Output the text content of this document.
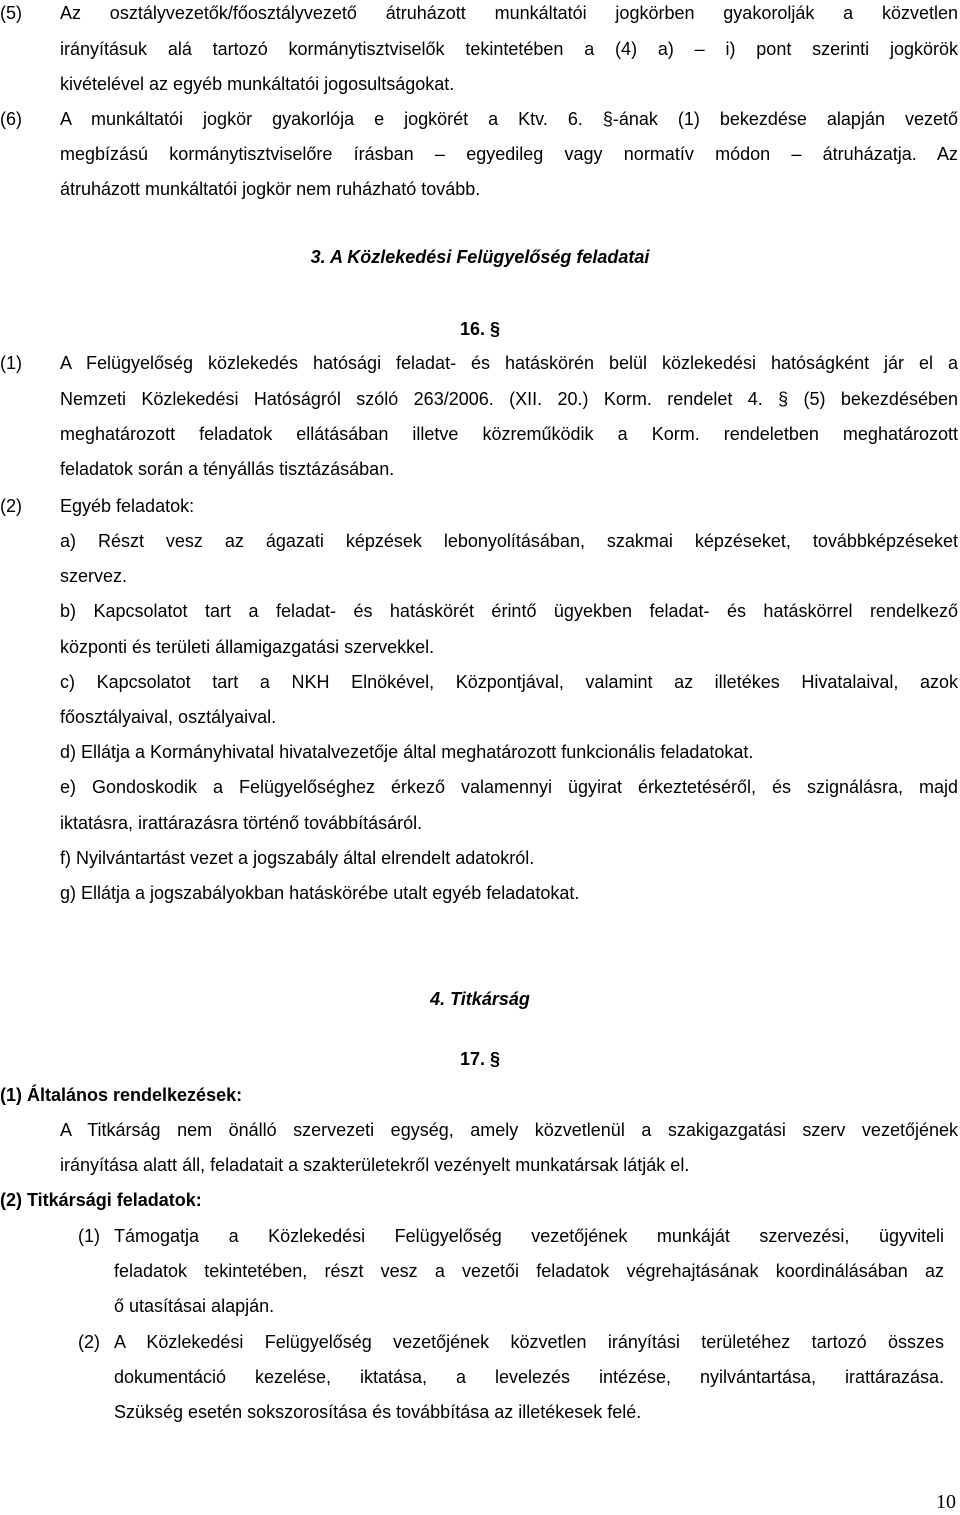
(5) Az osztályvezetők/főosztályvezető átruházott munkáltatói jogkörben gyakorolják a közvetlen
irányításuk alá tartozó kormánytisztviselők tekintetében a (4) a) – i) pont szerinti jogkörök
kivételével az egyéb munkáltatói jogosultságokat.
(6) A munkáltatói jogkör gyakorlója e jogkörét a Ktv. 6. §-ának (1) bekezdése alapján vezető
megbízású kormánytisztviselőre írásban – egyedileg vagy normatív módon – átruházatja. Az
átruházott munkáltatói jogkör nem ruházható tovább.
3. A Közlekedési Felügyelőség feladatai
16. §
(1) A Felügyelőség közlekedés hatósági feladat- és hatáskörén belül közlekedési hatóságként jár el a
Nemzeti Közlekedési Hatóságról szóló 263/2006. (XII. 20.) Korm. rendelet 4. § (5) bekezdésében
meghatározott feladatok ellátásában illetve közreműködik a Korm. rendeletben meghatározott
feladatok során a tényállás tisztázásában.
(2) Egyéb feladatok:
a) Részt vesz az ágazati képzések lebonyolításában, szakmai képzéseket, továbbképzéseket
szervez.
b) Kapcsolatot tart a feladat- és hatáskörét érintő ügyekben feladat- és hatáskörrel rendelkező
központi és területi államigazgatási szervekkel.
c) Kapcsolatot tart a NKH Elnökével, Központjával, valamint az illetékes Hivatalaival, azok
főosztályaival, osztályaival.
d) Ellátja a Kormányhivatal hivatalvezetője által meghatározott funkcionális feladatokat.
e) Gondoskodik a Felügyelőséghez érkező valamennyi ügyirat érkeztetéséről, és szignálásra, majd
iktatásra, irattárazásra történő továbbításáról.
f) Nyilvántartást vezet a jogszabály által elrendelt adatokról.
g) Ellátja a jogszabályokban hatáskörébe utalt egyéb feladatokat.
4. Titkárság
17. §
(1) Általános rendelkezések:
A Titkárság nem önálló szervezeti egység, amely közvetlenül a szakigazgatási szerv vezetőjének
irányítása alatt áll, feladatait a szakterületekről vezényelt munkatársak látják el.
(2) Titkársági feladatok:
(1) Támogatja a Közlekedési Felügyelőség vezetőjének munkáját szervezési, ügyviteli
feladatok tekintetében, részt vesz a vezetői feladatok végrehajtásának koordinálásában az
ő utasításai alapján.
(2) A Közlekedési Felügyelőség vezetőjének közvetlen irányítási területéhez tartozó összes
dokumentáció kezelése, iktatása, a levelezés intézése, nyilvántartása, irattárazása.
Szükség esetén sokszorosítása és továbbítása az illetékesek felé.
10
